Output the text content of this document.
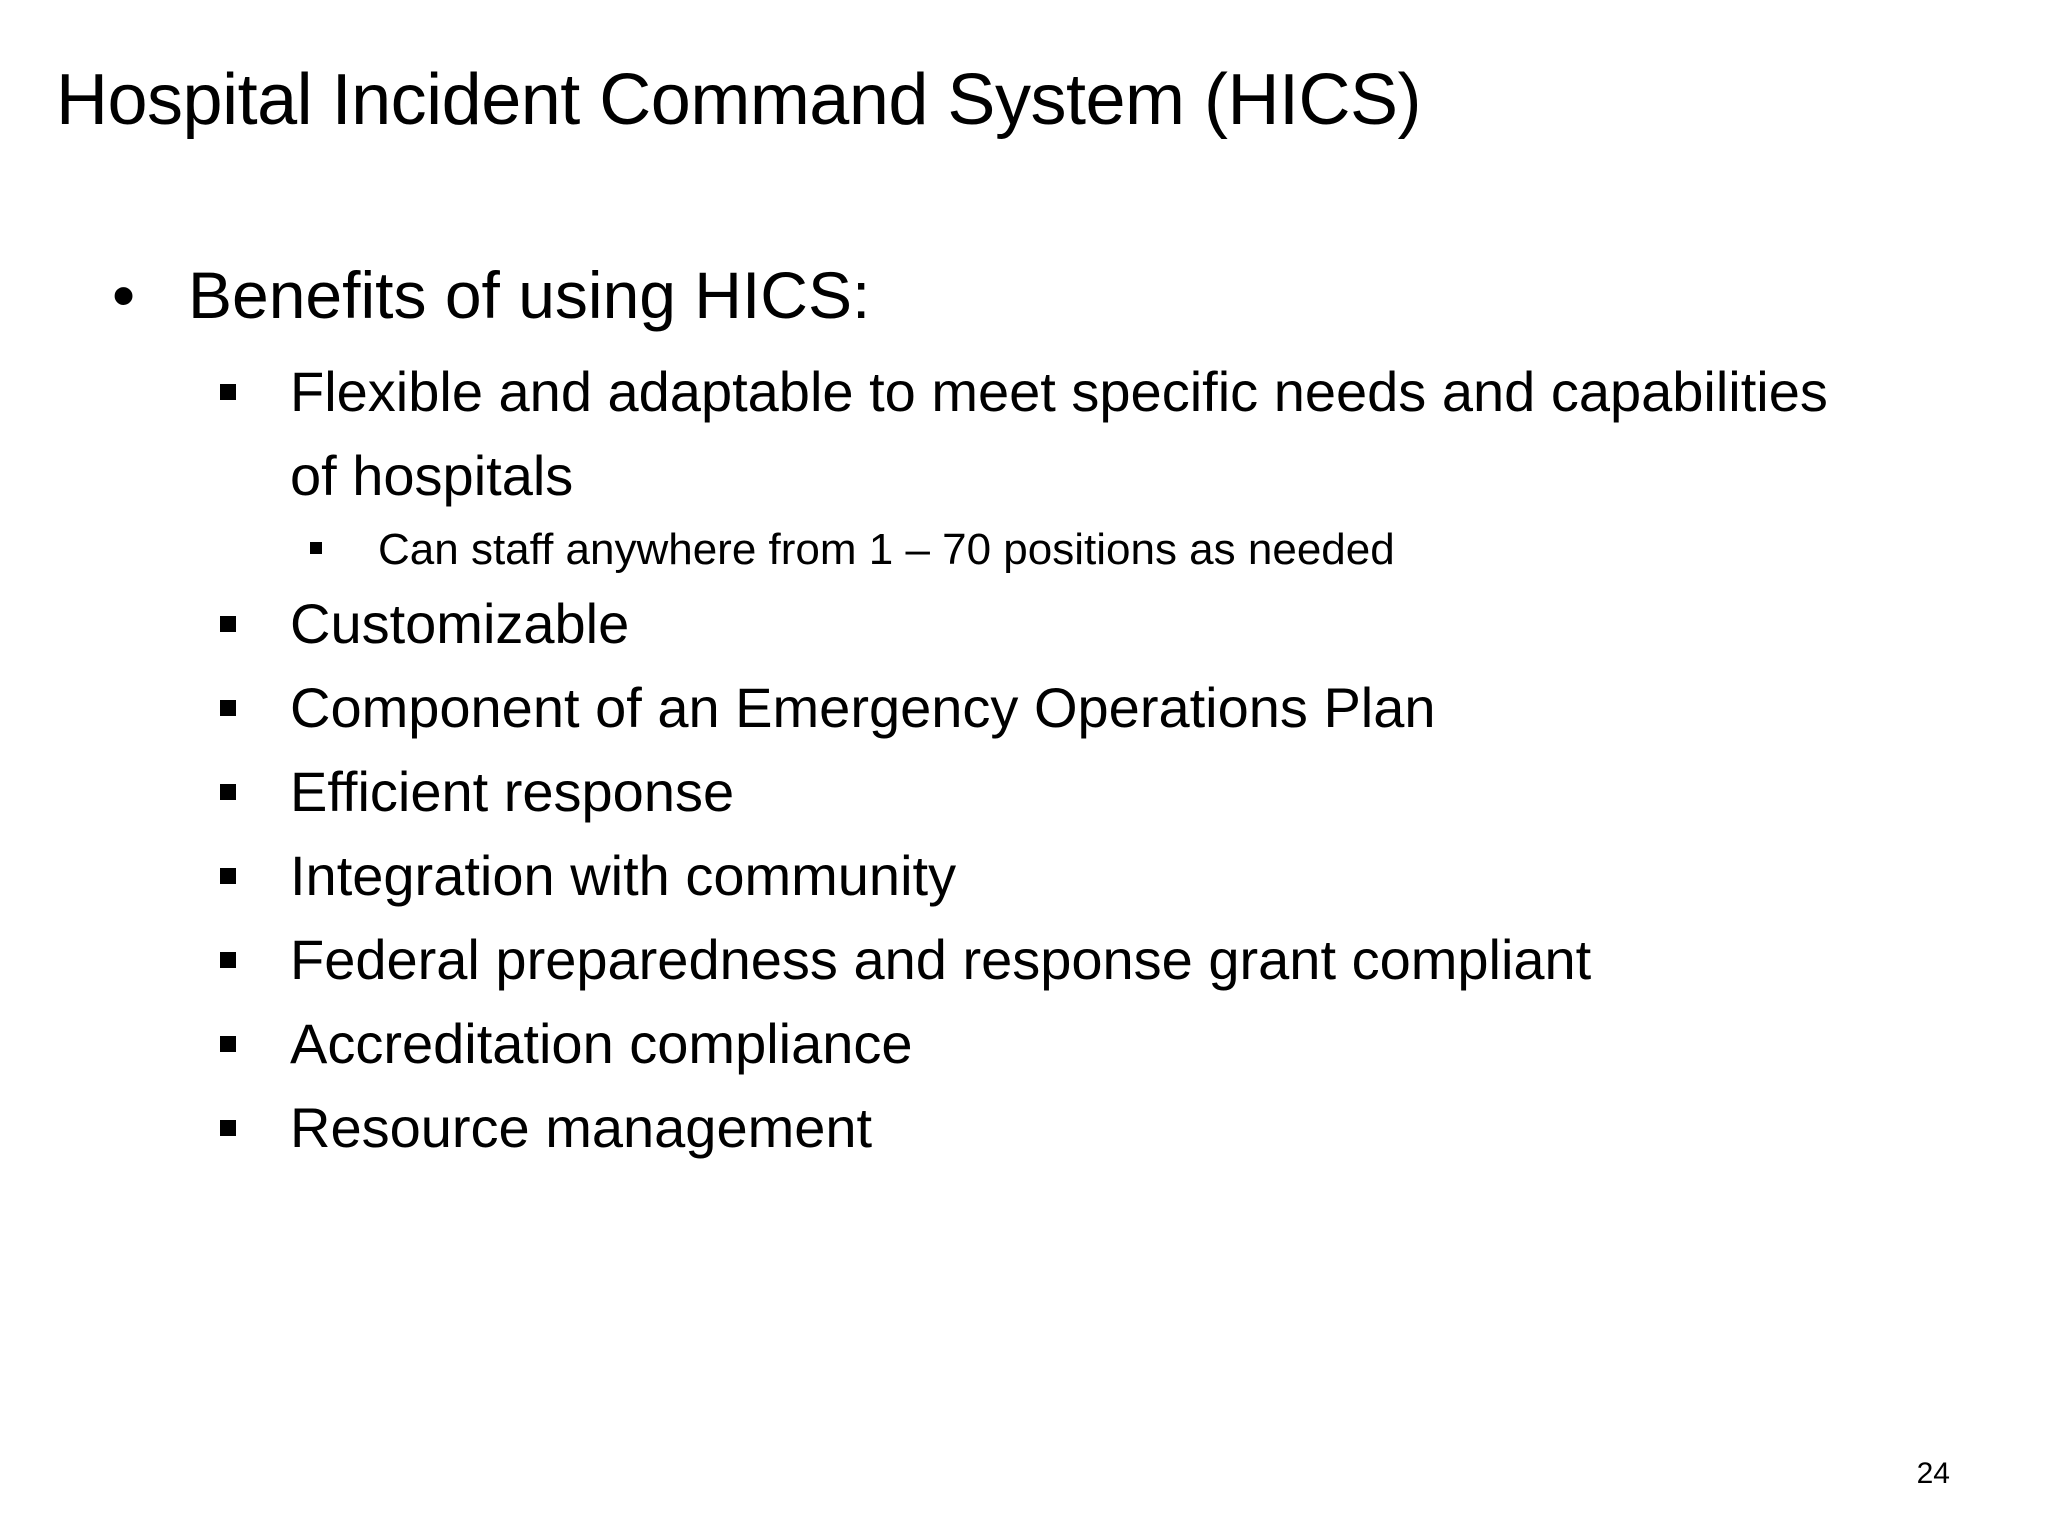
Hospital Incident Command System (HICS)
• Benefits of using HICS:
Flexible and adaptable to meet specific needs and capabilities of hospitals
Can staff anywhere from 1 – 70 positions as needed
Customizable
Component of an Emergency Operations Plan
Efficient response
Integration with community
Federal preparedness and response grant compliant
Accreditation compliance
Resource management
24
